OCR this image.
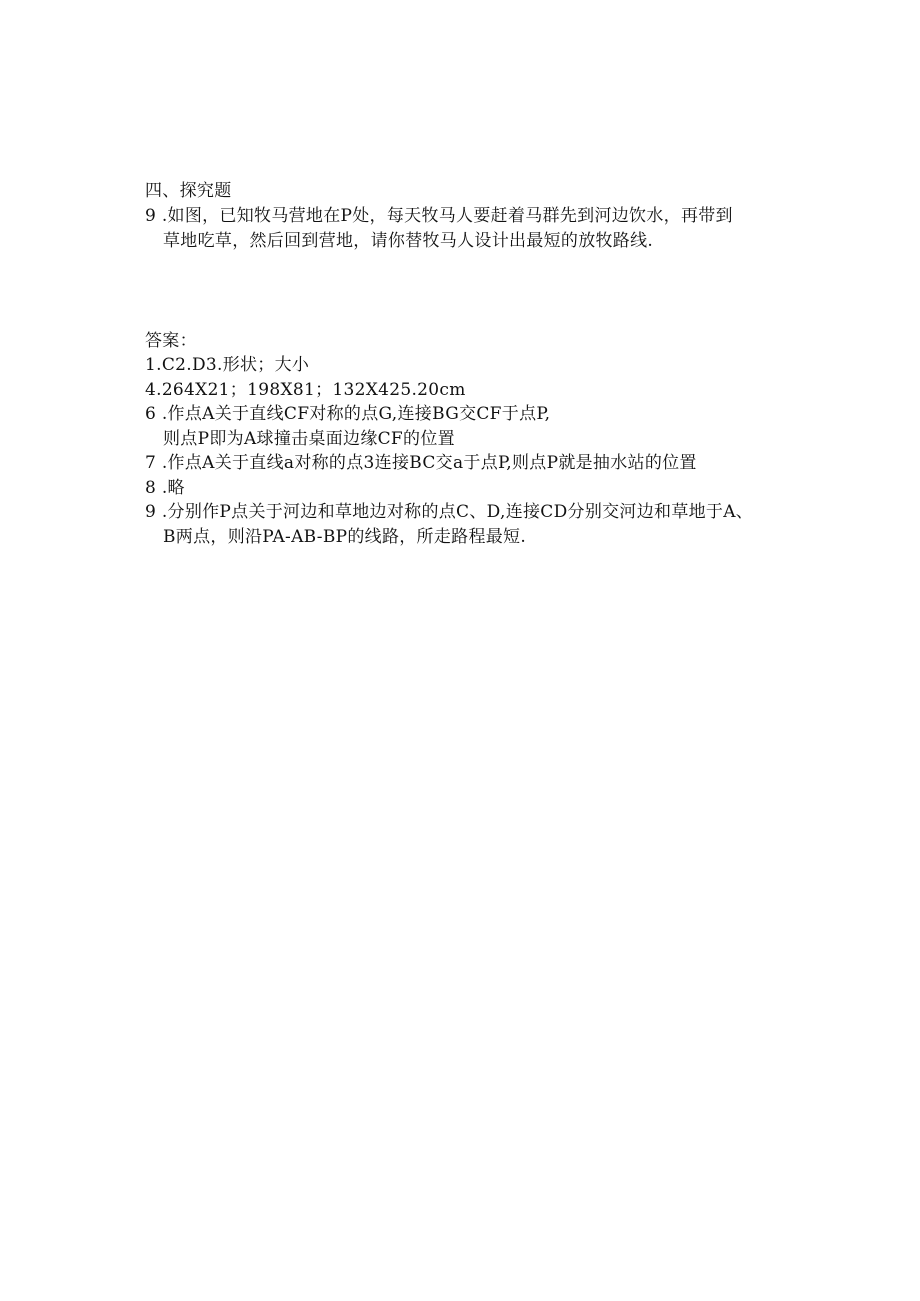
四、探究题
9 .如图，已知牧马营地在P处，每天牧马人要赶着马群先到河边饮水，再带到
草地吃草，然后回到营地，请你替牧马人设计出最短的放牧路线.
答案：
1.C2.D3.形状；大小
4.264X21；198X81；132X425.20cm
6 .作点A关于直线CF对称的点G,连接BG交CF于点P,
则点P即为A球撞击桌面边缘CF的位置
7 .作点A关于直线a对称的点3连接BC交a于点P,则点P就是抽水站的位置
8 .略
9 .分别作P点关于河边和草地边对称的点C、D,连接CD分别交河边和草地于A、
B两点，则沿PA-AB-BP的线路，所走路程最短.
